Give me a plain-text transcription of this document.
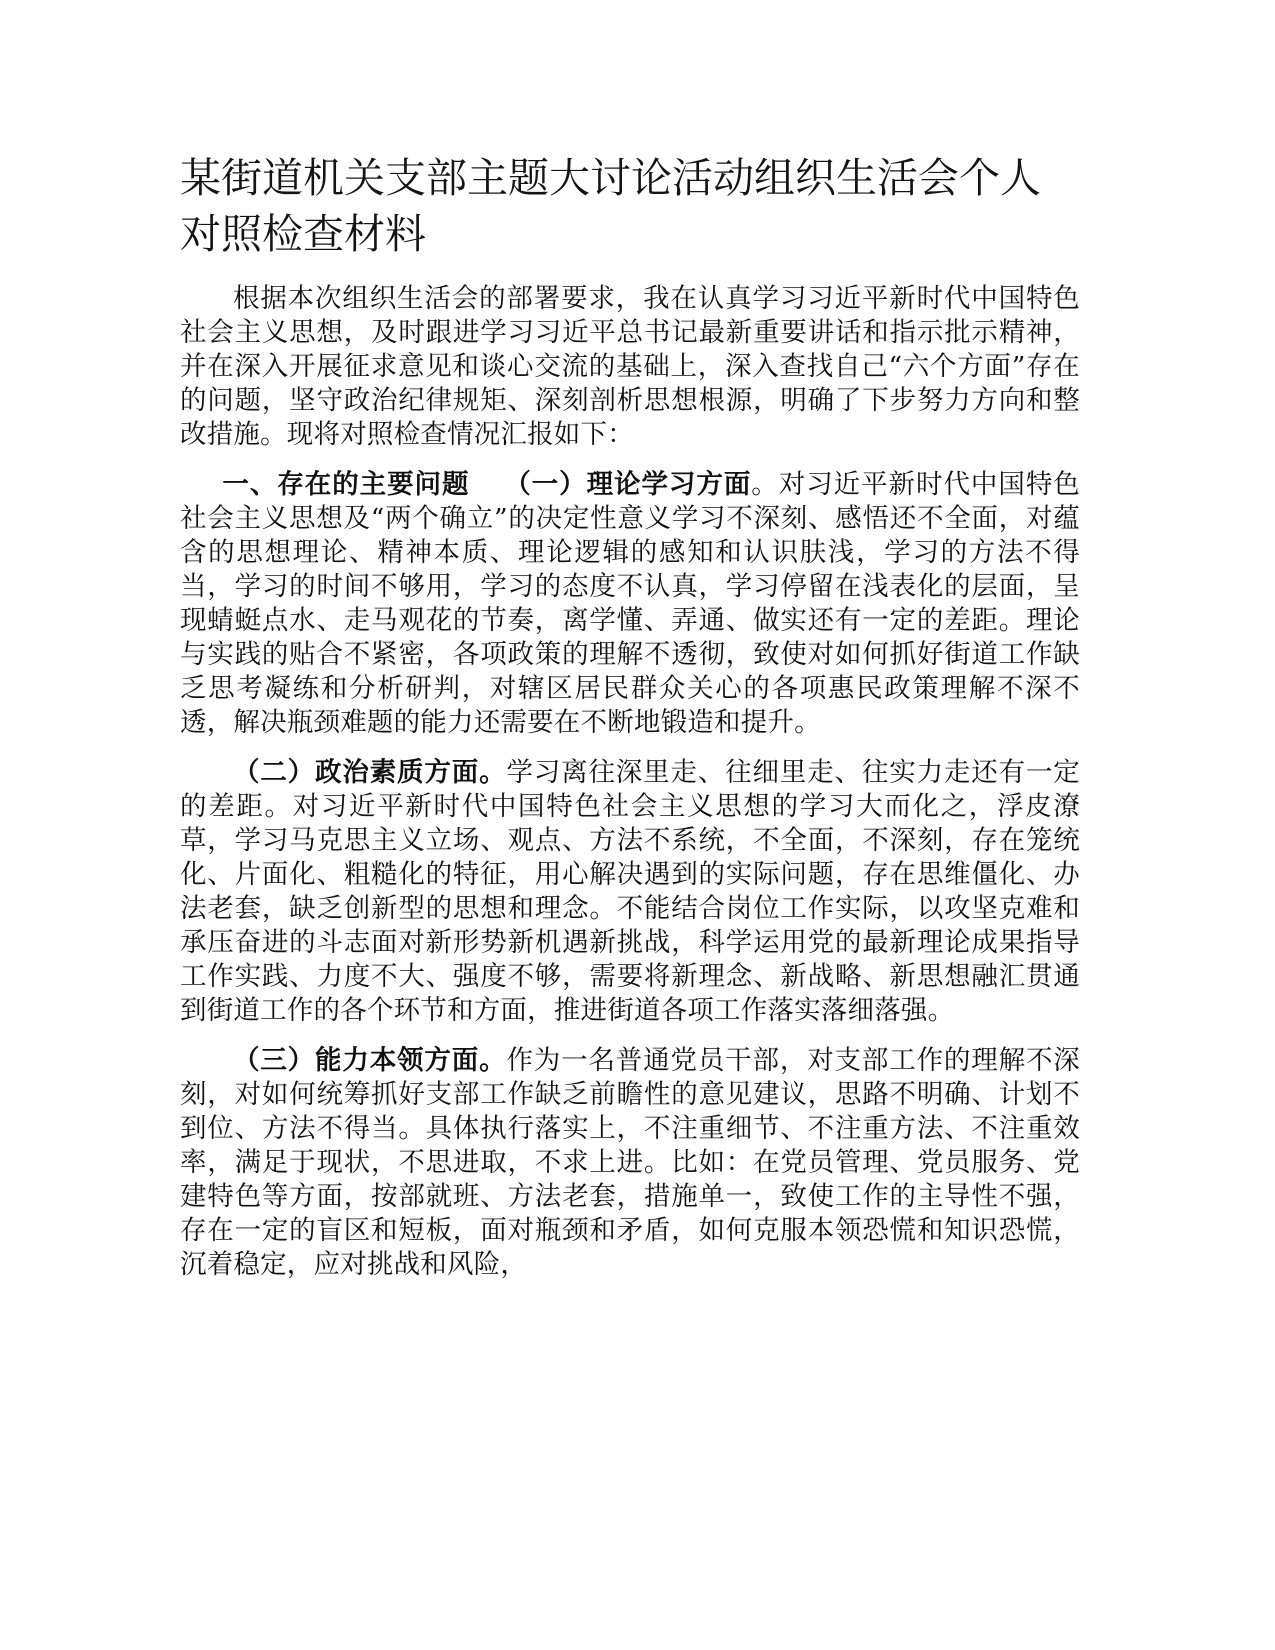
某街道机关支部主题大讨论活动组织生活会个人对照检查材料

根据本次组织生活会的部署要求，我在认真学习习近平新时代中国特色社会主义思想，及时跟进学习习近平总书记最新重要讲话和指示批示精神，并在深入开展征求意见和谈心交流的基础上，深入查找自己“六个方面”存在的问题，坚守政治纪律规矩、深刻剖析思想根源，明确了下步努力方向和整改措施。现将对照检查情况汇报如下：

一、存在的主要问题 （一）理论学习方面。对习近平新时代中国特色社会主义思想及“两个确立”的决定性意义学习不深刻、感悟还不全面，对蕴含的思想理论、精神本质、理论逻辑的感知和认识肤浅，学习的方法不得当，学习的时间不够用，学习的态度不认真，学习停留在浅表化的层面，呈现蜻蜓点水、走马观花的节奏，离学懂、弄通、做实还有一定的差距。理论与实践的贴合不紧密，各项政策的理解不透彻，致使对如何抓好街道工作缺乏思考凝练和分析研判，对辖区居民群众关心的各项惠民政策理解不深不透，解决瓶颈难题的能力还需要在不断地锻造和提升。

（二）政治素质方面。学习离往深里走、往细里走、往实力走还有一定的差距。对习近平新时代中国特色社会主义思想的学习大而化之，浮皮潦草，学习马克思主义立场、观点、方法不系统，不全面，不深刻，存在笼统化、片面化、粗糙化的特征，用心解决遇到的实际问题，存在思维僵化、办法老套，缺乏创新型的思想和理念。不能结合岗位工作实际，以攻坚克难和承压奋进的斗志面对新形势新机遇新挑战，科学运用党的最新理论成果指导工作实践、力度不大、强度不够，需要将新理念、新战略、新思想融汇贯通到街道工作的各个环节和方面，推进街道各项工作落实落细落强。

（三）能力本领方面。作为一名普通党员干部，对支部工作的理解不深刻，对如何统筹抓好支部工作缺乏前瞻性的意见建议，思路不明确、计划不到位、方法不得当。具体执行落实上，不注重细节、不注重方法、不注重效率，满足于现状，不思进取，不求上进。比如：在党员管理、党员服务、党建特色等方面，按部就班、方法老套，措施单一，致使工作的主导性不强，存在一定的盲区和短板，面对瓶颈和矛盾，如何克服本领恐慌和知识恐慌，沉着稳定，应对挑战和风险，
